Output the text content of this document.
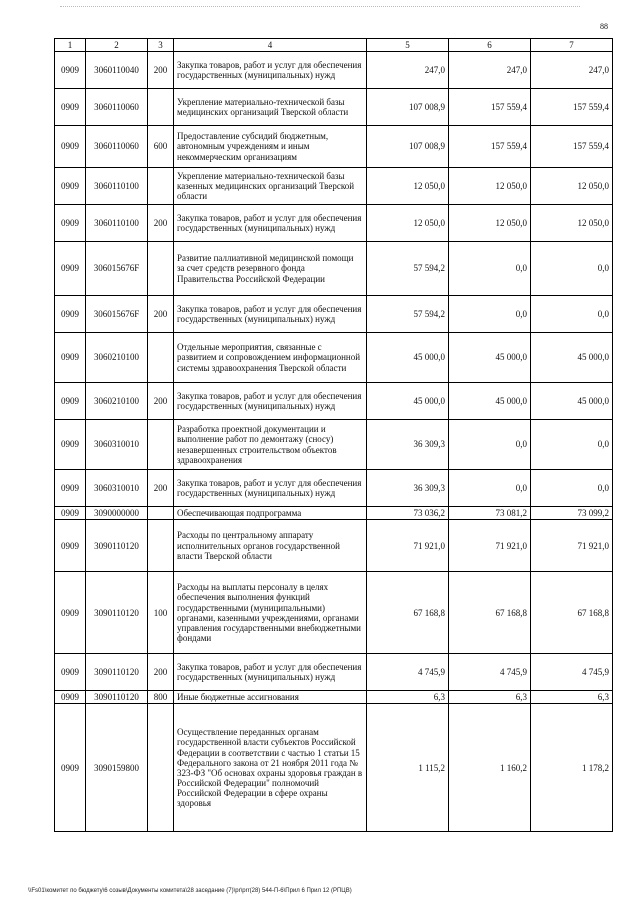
88
1	2	3	4	5	6	7
0909	3060110040	200	Закупка товаров, работ и услуг для обеспечения государственных (муниципальных) нужд	247,0	247,0	247,0
0909	3060110060		Укрепление материально-технической базы медицинских организаций Тверской области	107 008,9	157 559,4	157 559,4
0909	3060110060	600	Предоставление субсидий бюджетным, автономным учреждениям и иным некоммерческим организациям	107 008,9	157 559,4	157 559,4
0909	3060110100		Укрепление материально-технической базы казенных медицинских организаций Тверской области	12 050,0	12 050,0	12 050,0
0909	3060110100	200	Закупка товаров, работ и услуг для обеспечения государственных (муниципальных) нужд	12 050,0	12 050,0	12 050,0
0909	306015676F		Развитие паллиативной медицинской помощи за счет средств резервного фонда Правительства Российской Федерации	57 594,2	0,0	0,0
0909	306015676F	200	Закупка товаров, работ и услуг для обеспечения государственных (муниципальных) нужд	57 594,2	0,0	0,0
0909	3060210100		Отдельные мероприятия, связанные с развитием и сопровождением информационной системы здравоохранения Тверской области	45 000,0	45 000,0	45 000,0
0909	3060210100	200	Закупка товаров, работ и услуг для обеспечения государственных (муниципальных) нужд	45 000,0	45 000,0	45 000,0
0909	3060310010		Разработка проектной документации и выполнение работ по демонтажу (сносу) незавершенных строительством объектов здравоохранения	36 309,3	0,0	0,0
0909	3060310010	200	Закупка товаров, работ и услуг для обеспечения государственных (муниципальных) нужд	36 309,3	0,0	0,0
0909	3090000000		Обеспечивающая подпрограмма	73 036,2	73 081,2	73 099,2
0909	3090110120		Расходы по центральному аппарату исполнительных органов государственной власти Тверской области	71 921,0	71 921,0	71 921,0
0909	3090110120	100	Расходы на выплаты персоналу в целях обеспечения выполнения функций государственными (муниципальными) органами, казенными учреждениями, органами управления государственными внебюджетными фондами	67 168,8	67 168,8	67 168,8
0909	3090110120	200	Закупка товаров, работ и услуг для обеспечения государственных (муниципальных) нужд	4 745,9	4 745,9	4 745,9
0909	3090110120	800	Иные бюджетные ассигнования	6,3	6,3	6,3
0909	3090159800		Осуществление переданных органам государственной власти субъектов Российской Федерации в соответствии с частью 1 статьи 15 Федерального закона от 21 ноября 2011 года № 323-ФЗ "Об основах охраны здоровья граждан в Российской Федерации" полномочий Российской Федерации в сфере охраны здоровья	1 115,2	1 160,2	1 178,2
\\Fs01\комитет по бюджету\6 созыв\Документы комитета\28 заседание (7)\pr\prr(28) 544-П-6\Прил 6 Прил 12 (РПЦВ)
